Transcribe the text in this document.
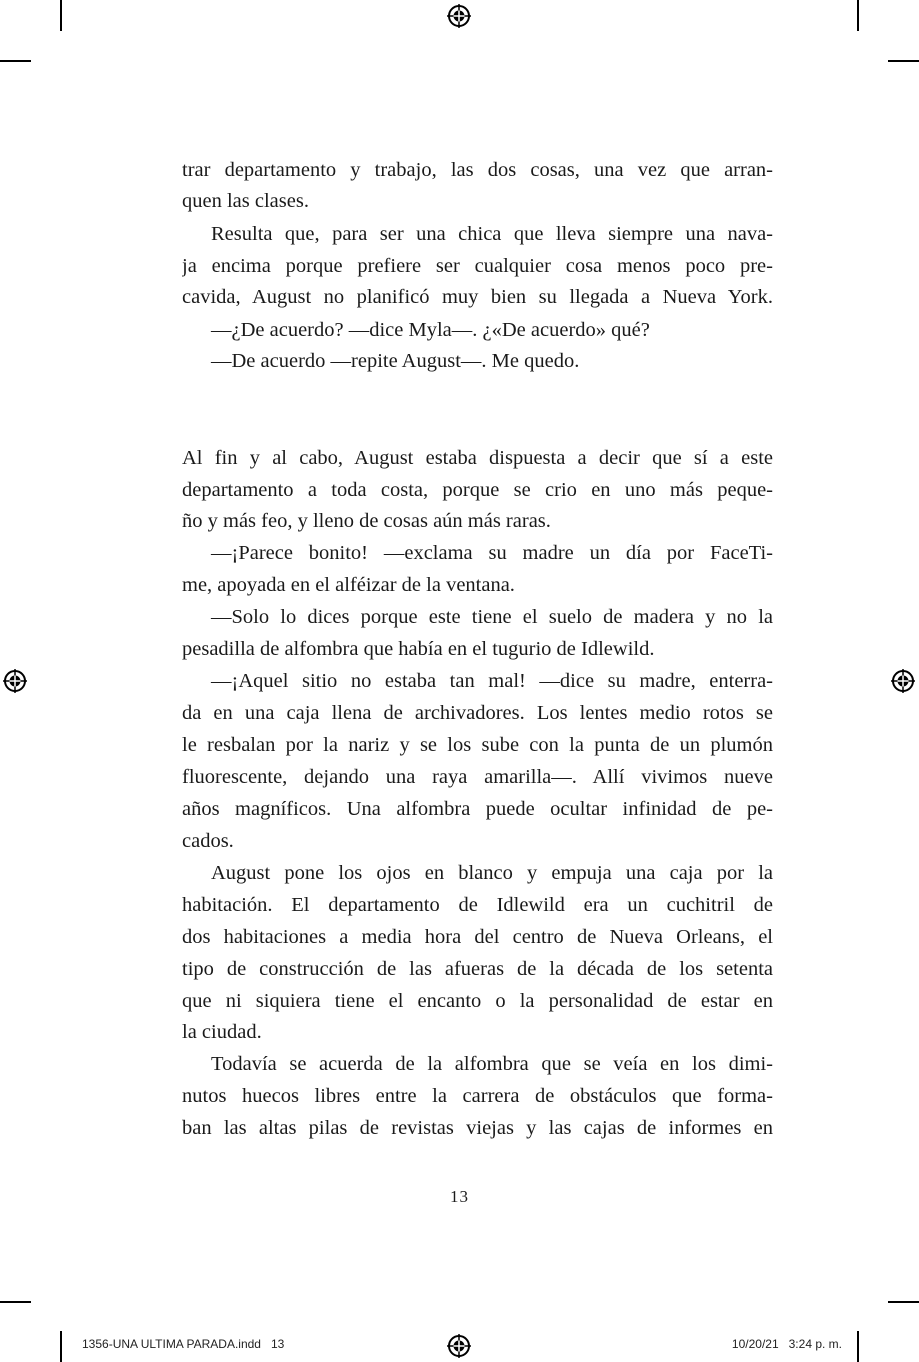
trar departamento y trabajo, las dos cosas, una vez que arran-
quen las clases.
Resulta que, para ser una chica que lleva siempre una nava-
ja encima porque prefiere ser cualquier cosa menos poco pre-
cavida, August no planificó muy bien su llegada a Nueva York.
—¿De acuerdo? —dice Myla—. ¿«De acuerdo» qué?
—De acuerdo —repite August—. Me quedo.
Al fin y al cabo, August estaba dispuesta a decir que sí a este
departamento a toda costa, porque se crio en uno más peque-
ño y más feo, y lleno de cosas aún más raras.
—¡Parece bonito! —exclama su madre un día por FaceTi-
me, apoyada en el alféizar de la ventana.
—Solo lo dices porque este tiene el suelo de madera y no la
pesadilla de alfombra que había en el tugurio de Idlewild.
—¡Aquel sitio no estaba tan mal! —dice su madre, enterra-
da en una caja llena de archivadores. Los lentes medio rotos se
le resbalan por la nariz y se los sube con la punta de un plumón
fluorescente, dejando una raya amarilla—. Allí vivimos nueve
años magníficos. Una alfombra puede ocultar infinidad de pe-
cados.
August pone los ojos en blanco y empuja una caja por la
habitación. El departamento de Idlewild era un cuchitril de
dos habitaciones a media hora del centro de Nueva Orleans, el
tipo de construcción de las afueras de la década de los setenta
que ni siquiera tiene el encanto o la personalidad de estar en
la ciudad.
Todavía se acuerda de la alfombra que se veía en los dimi-
nutos huecos libres entre la carrera de obstáculos que forma-
ban las altas pilas de revistas viejas y las cajas de informes en
13
1356-UNA ULTIMA PARADA.indd   13	10/20/21   3:24 p. m.
